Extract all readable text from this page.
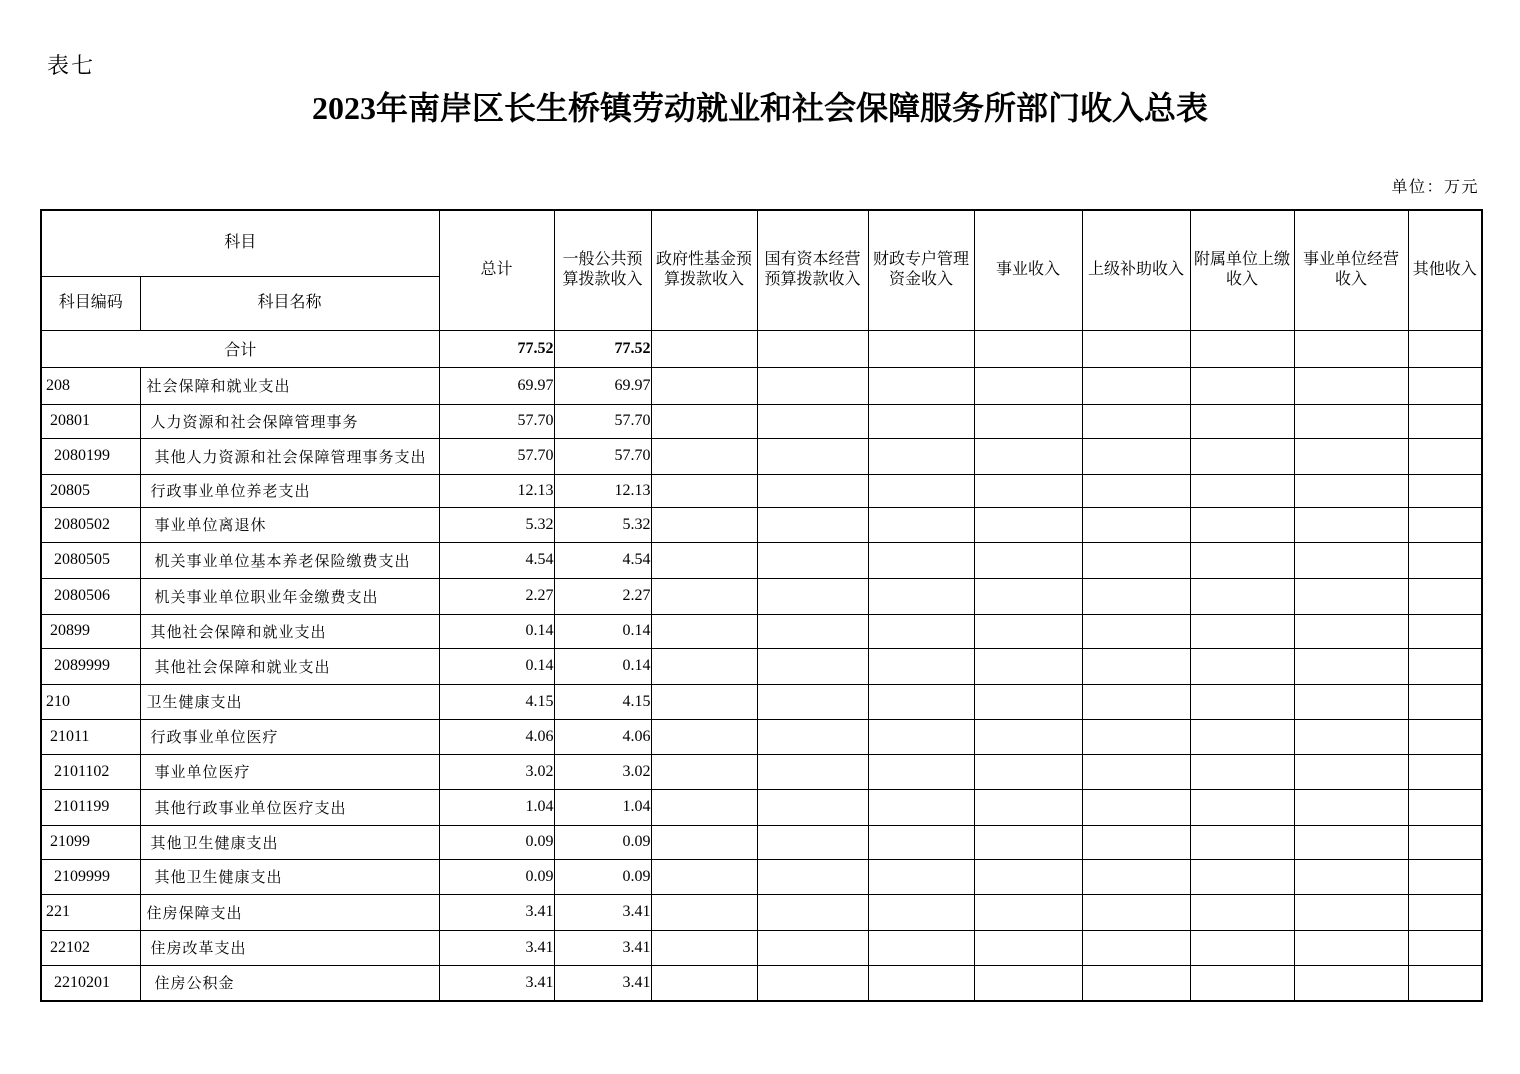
表七
2023年南岸区长生桥镇劳动就业和社会保障服务所部门收入总表
单位：万元
科目		总计	一般公共预算拨款收入	政府性基金预算拨款收入	国有资本经营预算拨款收入	财政专户管理资金收入	事业收入	上级补助收入	附属单位上缴收入	事业单位经营收入	其他收入
科目编码	科目名称										
合计		77.52	77.52								
208	社会保障和就业支出	69.97	69.97								
20801	人力资源和社会保障管理事务	57.70	57.70								
2080199	其他人力资源和社会保障管理事务支出	57.70	57.70								
20805	行政事业单位养老支出	12.13	12.13								
2080502	事业单位离退休	5.32	5.32								
2080505	机关事业单位基本养老保险缴费支出	4.54	4.54								
2080506	机关事业单位职业年金缴费支出	2.27	2.27								
20899	其他社会保障和就业支出	0.14	0.14								
2089999	其他社会保障和就业支出	0.14	0.14								
210	卫生健康支出	4.15	4.15								
21011	行政事业单位医疗	4.06	4.06								
2101102	事业单位医疗	3.02	3.02								
2101199	其他行政事业单位医疗支出	1.04	1.04								
21099	其他卫生健康支出	0.09	0.09								
2109999	其他卫生健康支出	0.09	0.09								
221	住房保障支出	3.41	3.41								
22102	住房改革支出	3.41	3.41								
2210201	住房公积金	3.41	3.41								
